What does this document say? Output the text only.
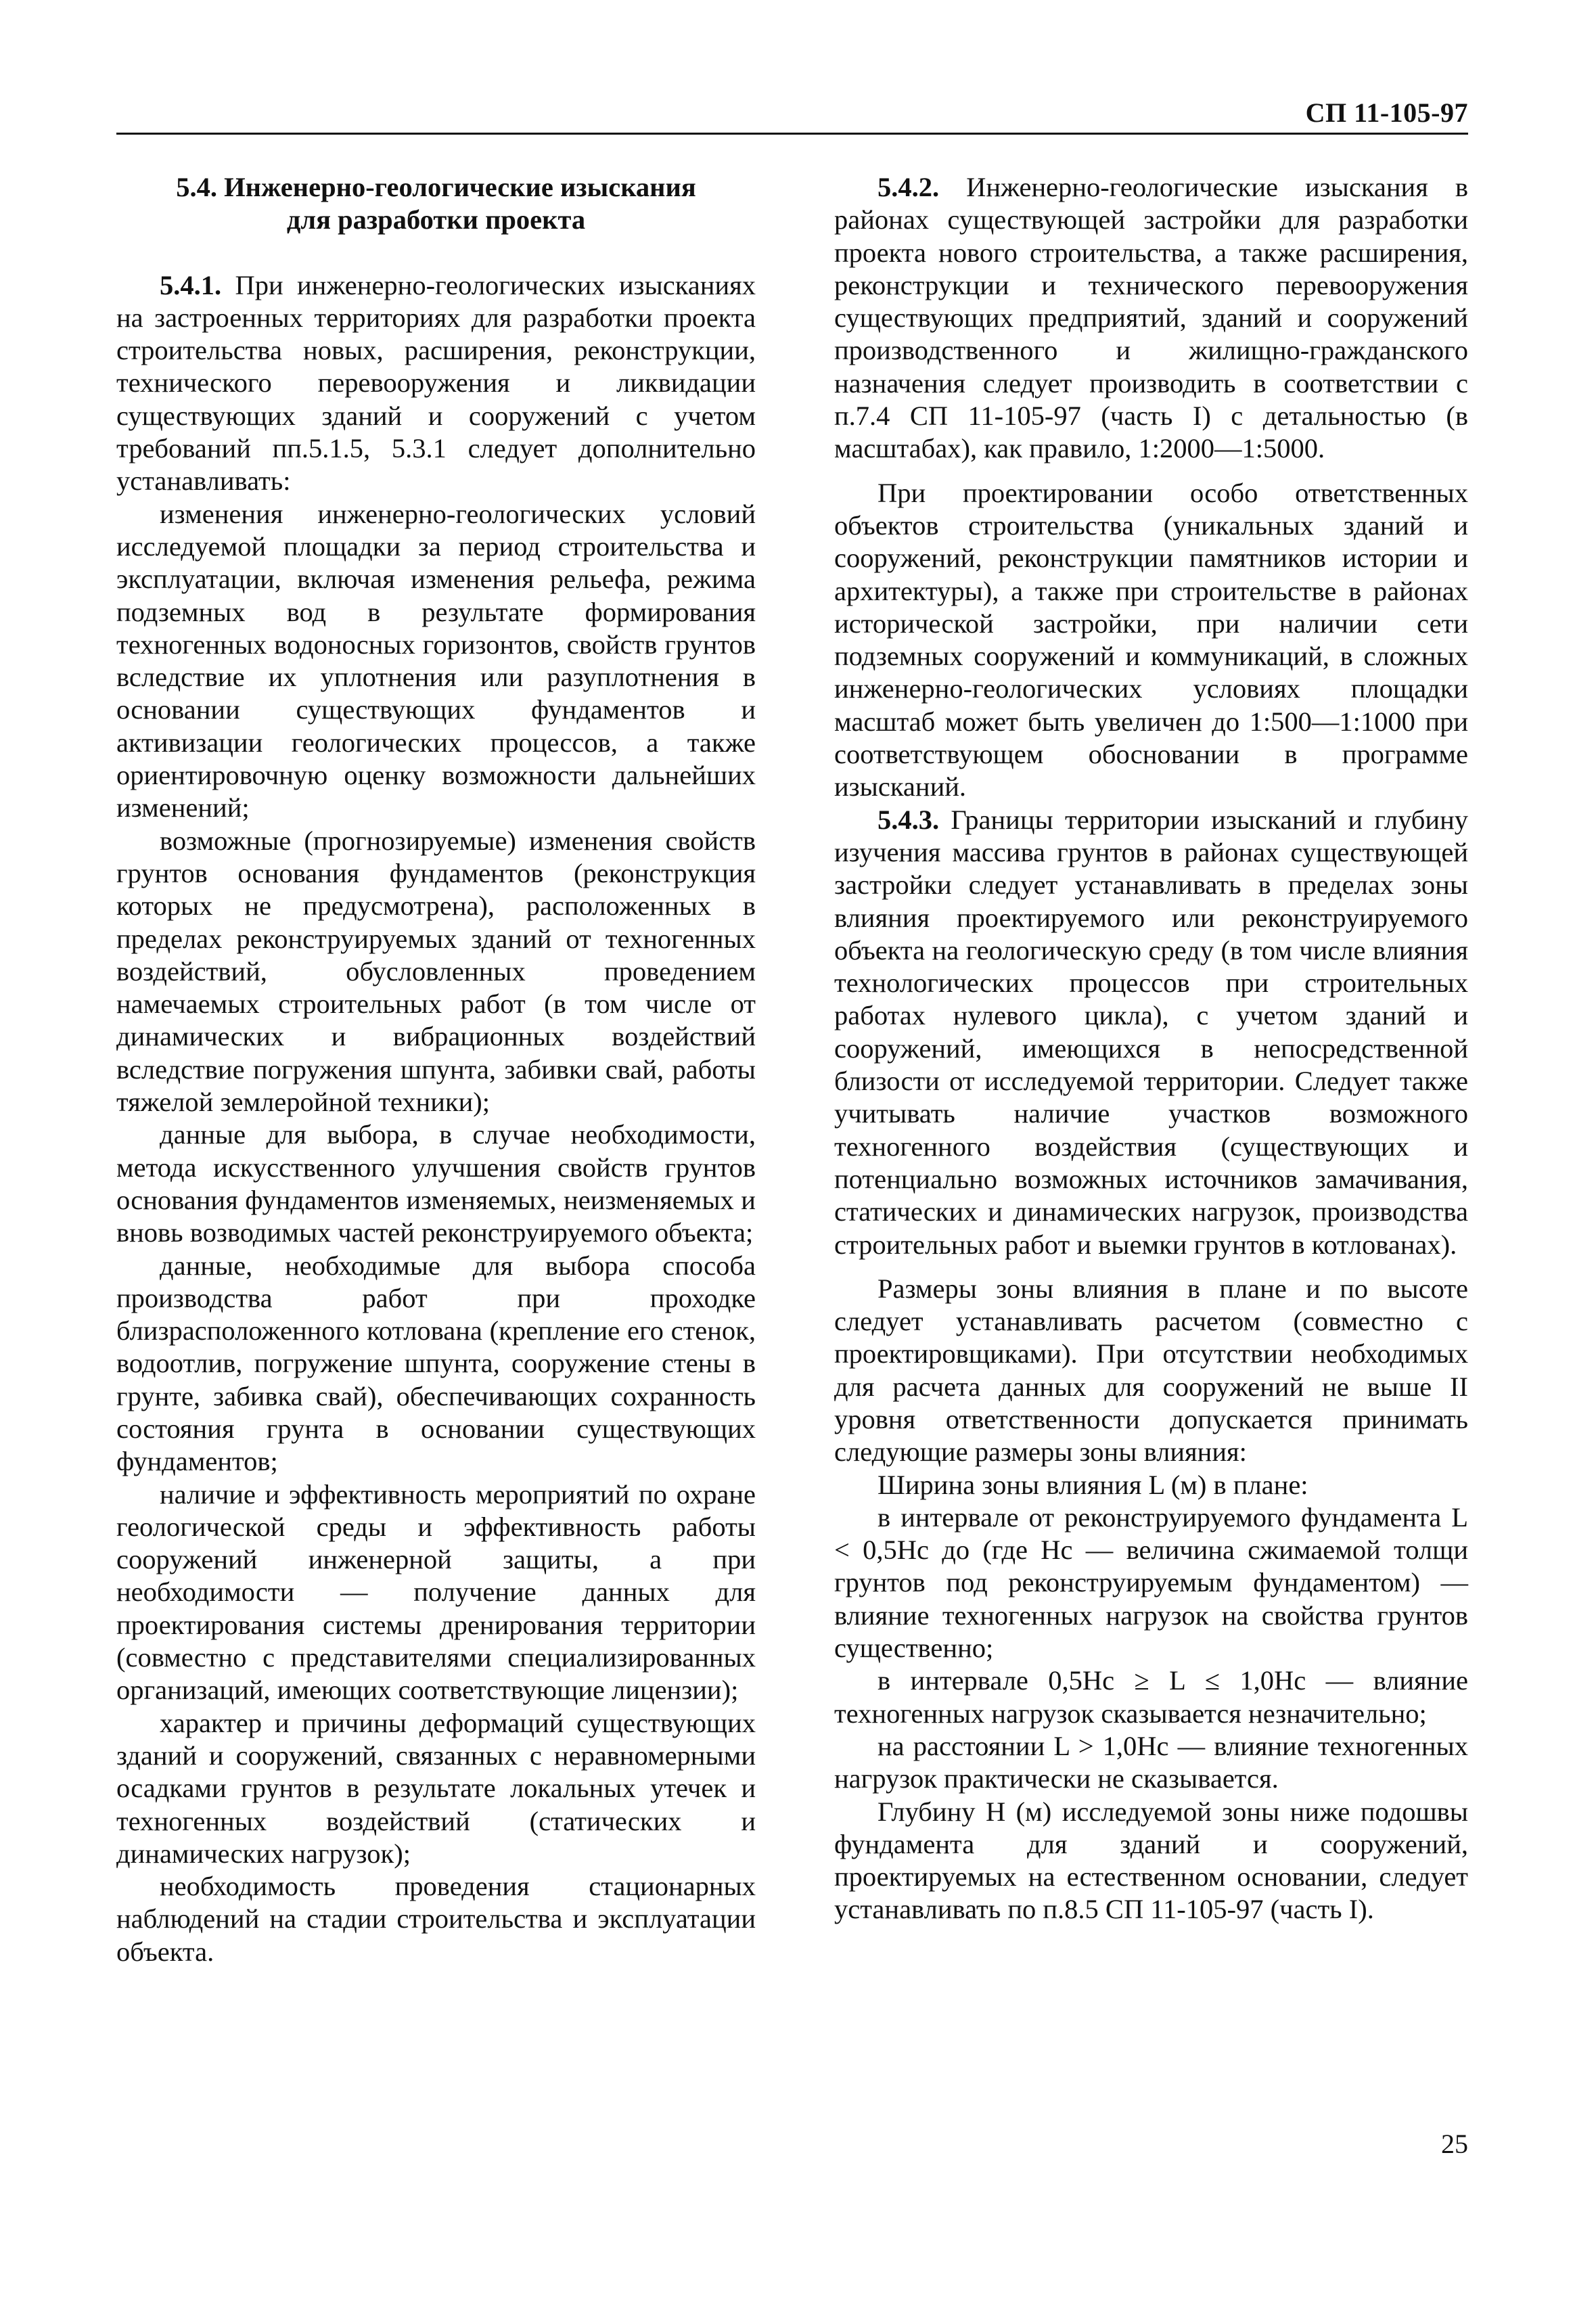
СП 11-105-97
5.4. Инженерно-геологические изыскания
для разработки проекта

5.4.1. При инженерно-геологических изысканиях на застроенных территориях для разработки проекта строительства новых, расширения, реконструкции, технического перевооружения и ликвидации существующих зданий и сооружений с учетом требований пп.5.1.5, 5.3.1 следует дополнительно устанавливать:

изменения инженерно-геологических условий исследуемой площадки за период строительства и эксплуатации, включая изменения рельефа, режима подземных вод в результате формирования техногенных водоносных горизонтов, свойств грунтов вследствие их уплотнения или разуплотнения в основании существующих фундаментов и активизации геологических процессов, а также ориентировочную оценку возможности дальнейших изменений;

возможные (прогнозируемые) изменения свойств грунтов основания фундаментов (реконструкция которых не предусмотрена), расположенных в пределах реконструируемых зданий от техногенных воздействий, обусловленных проведением намечаемых строительных работ (в том числе от динамических и вибрационных воздействий вследствие погружения шпунта, забивки свай, работы тяжелой землеройной техники);

данные для выбора, в случае необходимости, метода искусственного улучшения свойств грунтов основания фундаментов изменяемых, неизменяемых и вновь возводимых частей реконструируемого объекта;

данные, необходимые для выбора способа производства работ при проходке близрасположенного котлована (крепление его стенок, водоотлив, погружение шпунта, сооружение стены в грунте, забивка свай), обеспечивающих сохранность состояния грунта в основании существующих фундаментов;

наличие и эффективность мероприятий по охране геологической среды и эффективность работы сооружений инженерной защиты, а при необходимости — получение данных для проектирования системы дренирования территории (совместно с представителями специализированных организаций, имеющих соответствующие лицензии);

характер и причины деформаций существующих зданий и сооружений, связанных с неравномерными осадками грунтов в результате локальных утечек и техногенных воздействий (статических и динамических нагрузок);

необходимость проведения стационарных наблюдений на стадии строительства и эксплуатации объекта.

5.4.2. Инженерно-геологические изыскания в районах существующей застройки для разработки проекта нового строительства, а также расширения, реконструкции и технического перевооружения существующих предприятий, зданий и сооружений производственного и жилищно-гражданского назначения следует производить в соответствии с п.7.4 СП 11-105-97 (часть I) с детальностью (в масштабах), как правило, 1:2000—1:5000.

При проектировании особо ответственных объектов строительства (уникальных зданий и сооружений, реконструкции памятников истории и архитектуры), а также при строительстве в районах исторической застройки, при наличии сети подземных сооружений и коммуникаций, в сложных инженерно-геологических условиях площадки масштаб может быть увеличен до 1:500—1:1000 при соответствующем обосновании в программе изысканий.

5.4.3. Границы территории изысканий и глубину изучения массива грунтов в районах существующей застройки следует устанавливать в пределах зоны влияния проектируемого или реконструируемого объекта на геологическую среду (в том числе влияния технологических процессов при строительных работах нулевого цикла), с учетом зданий и сооружений, имеющихся в непосредственной близости от исследуемой территории. Следует также учитывать наличие участков возможного техногенного воздействия (существующих и потенциально возможных источников замачивания, статических и динамических нагрузок, производства строительных работ и выемки грунтов в котлованах).

Размеры зоны влияния в плане и по высоте следует устанавливать расчетом (совместно с проектировщиками). При отсутствии необходимых для расчета данных для сооружений не выше II уровня ответственности допускается принимать следующие размеры зоны влияния:

Ширина зоны влияния L (м) в плане:

в интервале от реконструируемого фундамента L < 0,5Hc до (где Hc — величина сжимаемой толщи грунтов под реконструируемым фундаментом) — влияние техногенных нагрузок на свойства грунтов существенно;

в интервале 0,5Hc ≥ L ≤ 1,0Hc — влияние техногенных нагрузок сказывается незначительно;

на расстоянии L > 1,0Hc — влияние техногенных нагрузок практически не сказывается.

Глубину H (м) исследуемой зоны ниже подошвы фундамента для зданий и сооружений, проектируемых на естественном основании, следует устанавливать по п.8.5 СП 11-105-97 (часть I).

25
